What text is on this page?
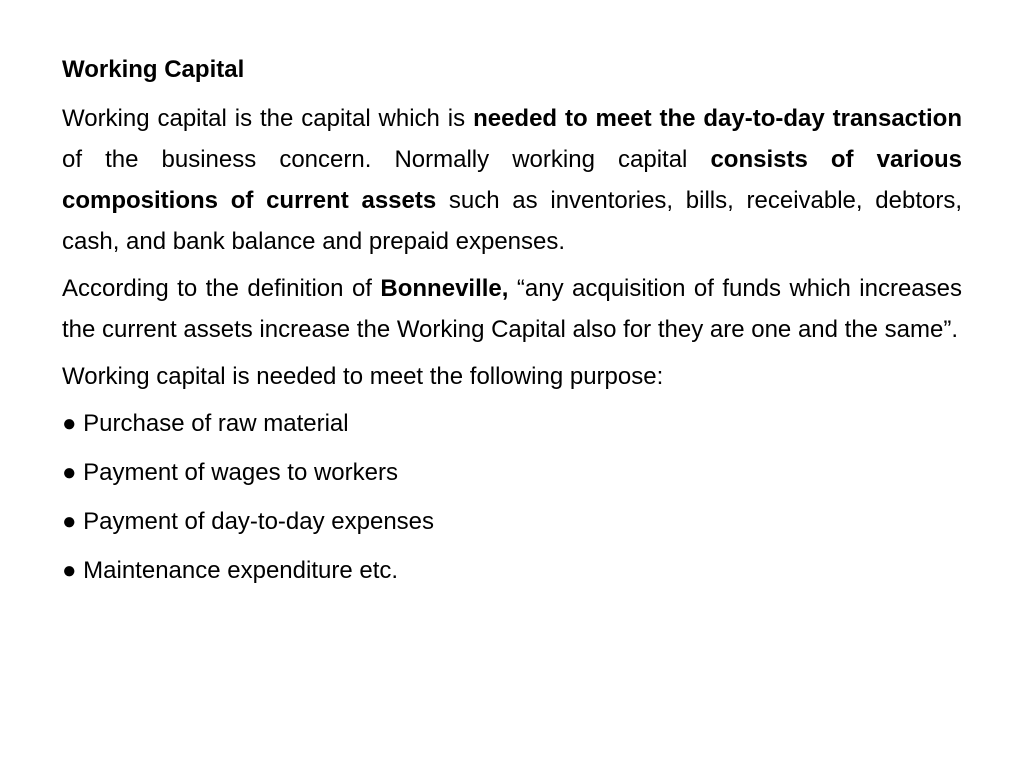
Working Capital

Working capital is the capital which is needed to meet the day-to-day transaction of the business concern. Normally working capital consists of various compositions of current assets such as inventories, bills, receivable, debtors, cash, and bank balance and prepaid expenses.

According to the definition of Bonneville, “any acquisition of funds which increases the current assets increase the Working Capital also for they are one and the same”.

Working capital is needed to meet the following purpose:

● Purchase of raw material
● Payment of wages to workers
● Payment of day-to-day expenses
● Maintenance expenditure etc.
